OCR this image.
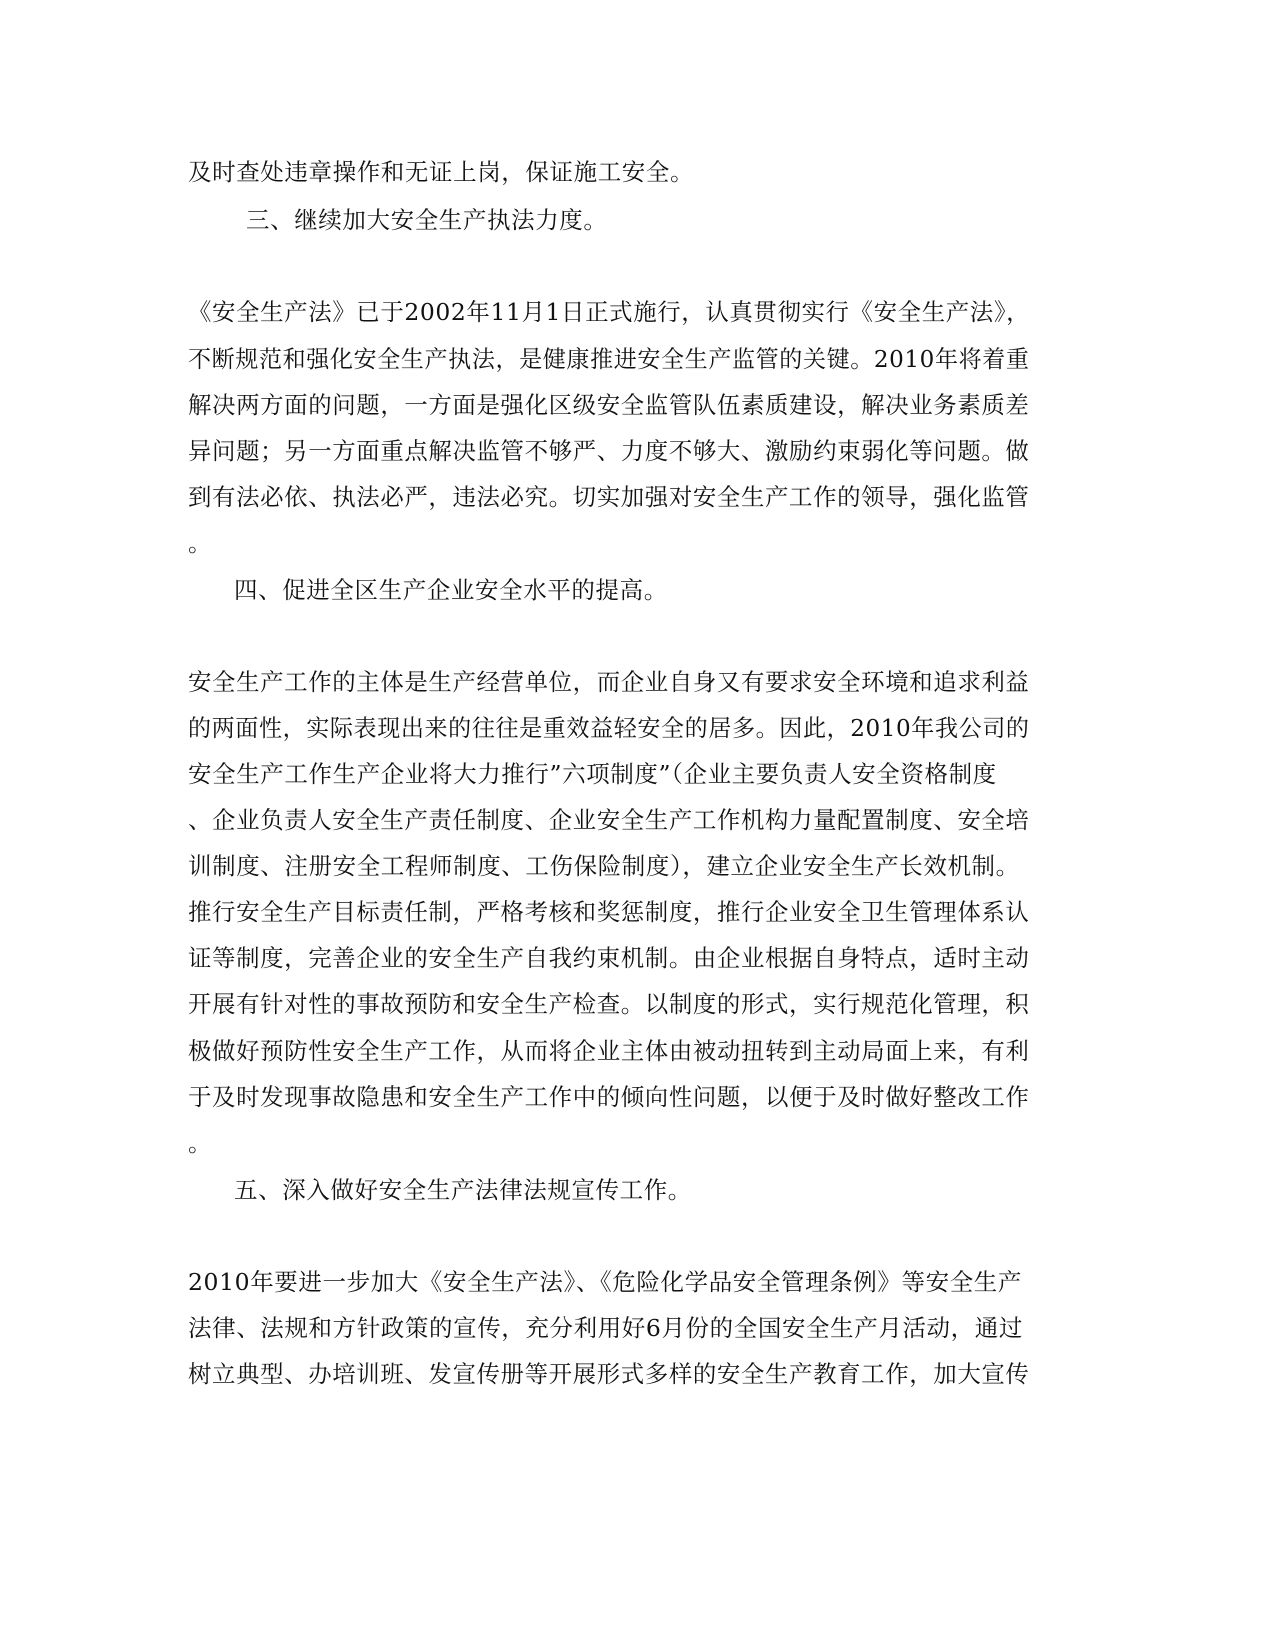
及时查处违章操作和无证上岗，保证施工安全。
三、继续加大安全生产执法力度。
《安全生产法》已于2002年11月1日正式施行，认真贯彻实行《安全生产法》，
不断规范和强化安全生产执法，是健康推进安全生产监管的关键。2010年将着重
解决两方面的问题，一方面是强化区级安全监管队伍素质建设，解决业务素质差
异问题；另一方面重点解决监管不够严、力度不够大、激励约束弱化等问题。做
到有法必依、执法必严，违法必究。切实加强对安全生产工作的领导，强化监管
。
四、促进全区生产企业安全水平的提高。
安全生产工作的主体是生产经营单位，而企业自身又有要求安全环境和追求利益
的两面性，实际表现出来的往往是重效益轻安全的居多。因此，2010年我公司的
安全生产工作生产企业将大力推行”六项制度”（企业主要负责人安全资格制度
、企业负责人安全生产责任制度、企业安全生产工作机构力量配置制度、安全培
训制度、注册安全工程师制度、工伤保险制度），建立企业安全生产长效机制。
推行安全生产目标责任制，严格考核和奖惩制度，推行企业安全卫生管理体系认
证等制度，完善企业的安全生产自我约束机制。由企业根据自身特点，适时主动
开展有针对性的事故预防和安全生产检查。以制度的形式，实行规范化管理，积
极做好预防性安全生产工作，从而将企业主体由被动扭转到主动局面上来，有利
于及时发现事故隐患和安全生产工作中的倾向性问题，以便于及时做好整改工作
。
五、深入做好安全生产法律法规宣传工作。
2010年要进一步加大《安全生产法》、《危险化学品安全管理条例》等安全生产
法律、法规和方针政策的宣传，充分利用好6月份的全国安全生产月活动，通过
树立典型、办培训班、发宣传册等开展形式多样的安全生产教育工作，加大宣传
